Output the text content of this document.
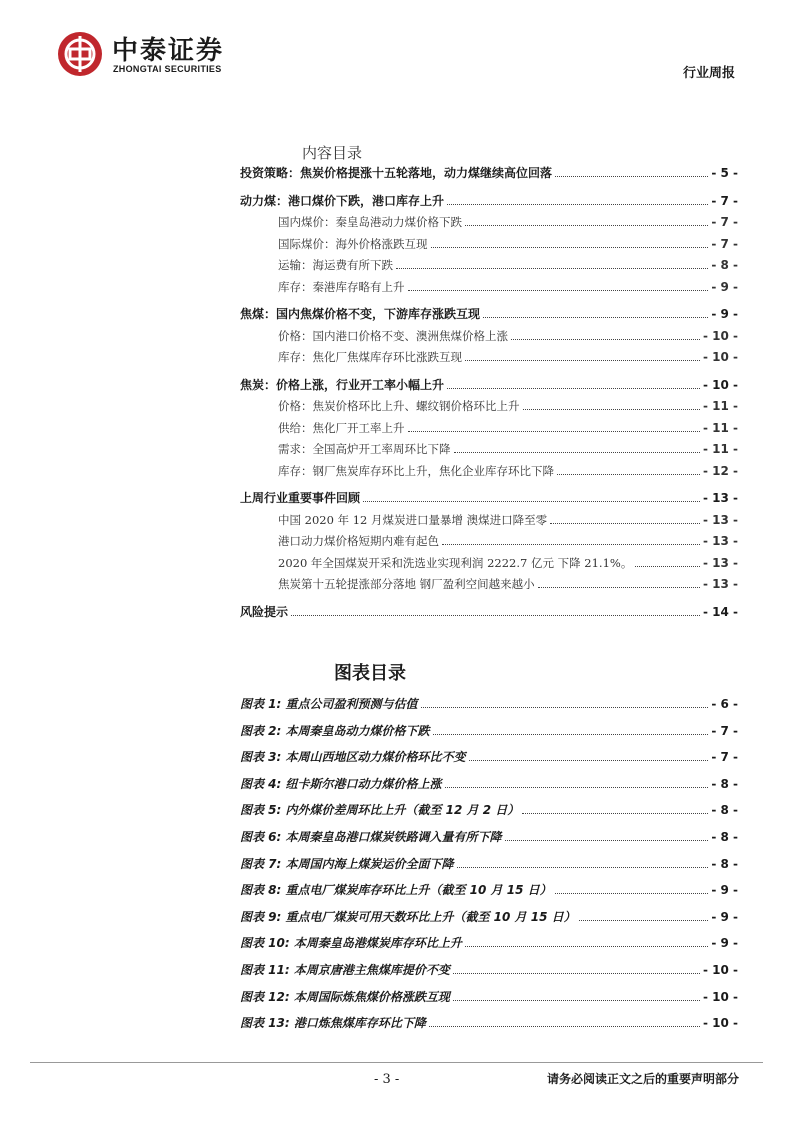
中泰证券
ZHONGTAI SECURITIES	行业周报
内容目录
投资策略：焦炭价格提涨十五轮落地，动力煤继续高位回落	- 5 -
动力煤：港口煤价下跌，港口库存上升	- 7 -
国内煤价：秦皇岛港动力煤价格下跌	- 7 -
国际煤价：海外价格涨跌互现	- 7 -
运输：海运费有所下跌	- 8 -
库存：秦港库存略有上升	- 9 -
焦煤：国内焦煤价格不变，下游库存涨跌互现	- 9 -
价格：国内港口价格不变、澳洲焦煤价格上涨	- 10 -
库存：焦化厂焦煤库存环比涨跌互现	- 10 -
焦炭：价格上涨，行业开工率小幅上升	- 10 -
价格：焦炭价格环比上升、螺纹钢价格环比上升	- 11 -
供给：焦化厂开工率上升	- 11 -
需求：全国高炉开工率周环比下降	- 11 -
库存：钢厂焦炭库存环比上升，焦化企业库存环比下降	- 12 -
上周行业重要事件回顾	- 13 -
中国 2020 年 12 月煤炭进口量暴增 澳煤进口降至零	- 13 -
港口动力煤价格短期内难有起色	- 13 -
2020 年全国煤炭开采和洗选业实现利润 2222.7 亿元 下降 21.1%。	- 13 -
焦炭第十五轮提涨部分落地 钢厂盈利空间越来越小	- 13 -
风险提示	- 14 -
图表目录
图表 1: 重点公司盈利预测与估值	- 6 -
图表 2: 本周秦皇岛动力煤价格下跌	- 7 -
图表 3: 本周山西地区动力煤价格环比不变	- 7 -
图表 4: 纽卡斯尔港口动力煤价格上涨	- 8 -
图表 5: 内外煤价差周环比上升（截至 12 月 2 日）	- 8 -
图表 6: 本周秦皇岛港口煤炭铁路调入量有所下降	- 8 -
图表 7: 本周国内海上煤炭运价全面下降	- 8 -
图表 8: 重点电厂煤炭库存环比上升（截至 10 月 15 日）	- 9 -
图表 9: 重点电厂煤炭可用天数环比上升（截至 10 月 15 日）	- 9 -
图表 10: 本周秦皇岛港煤炭库存环比上升	- 9 -
图表 11: 本周京唐港主焦煤库提价不变	- 10 -
图表 12: 本周国际炼焦煤价格涨跌互现	- 10 -
图表 13: 港口炼焦煤库存环比下降	- 10 -
- 3 -	请务必阅读正文之后的重要声明部分
